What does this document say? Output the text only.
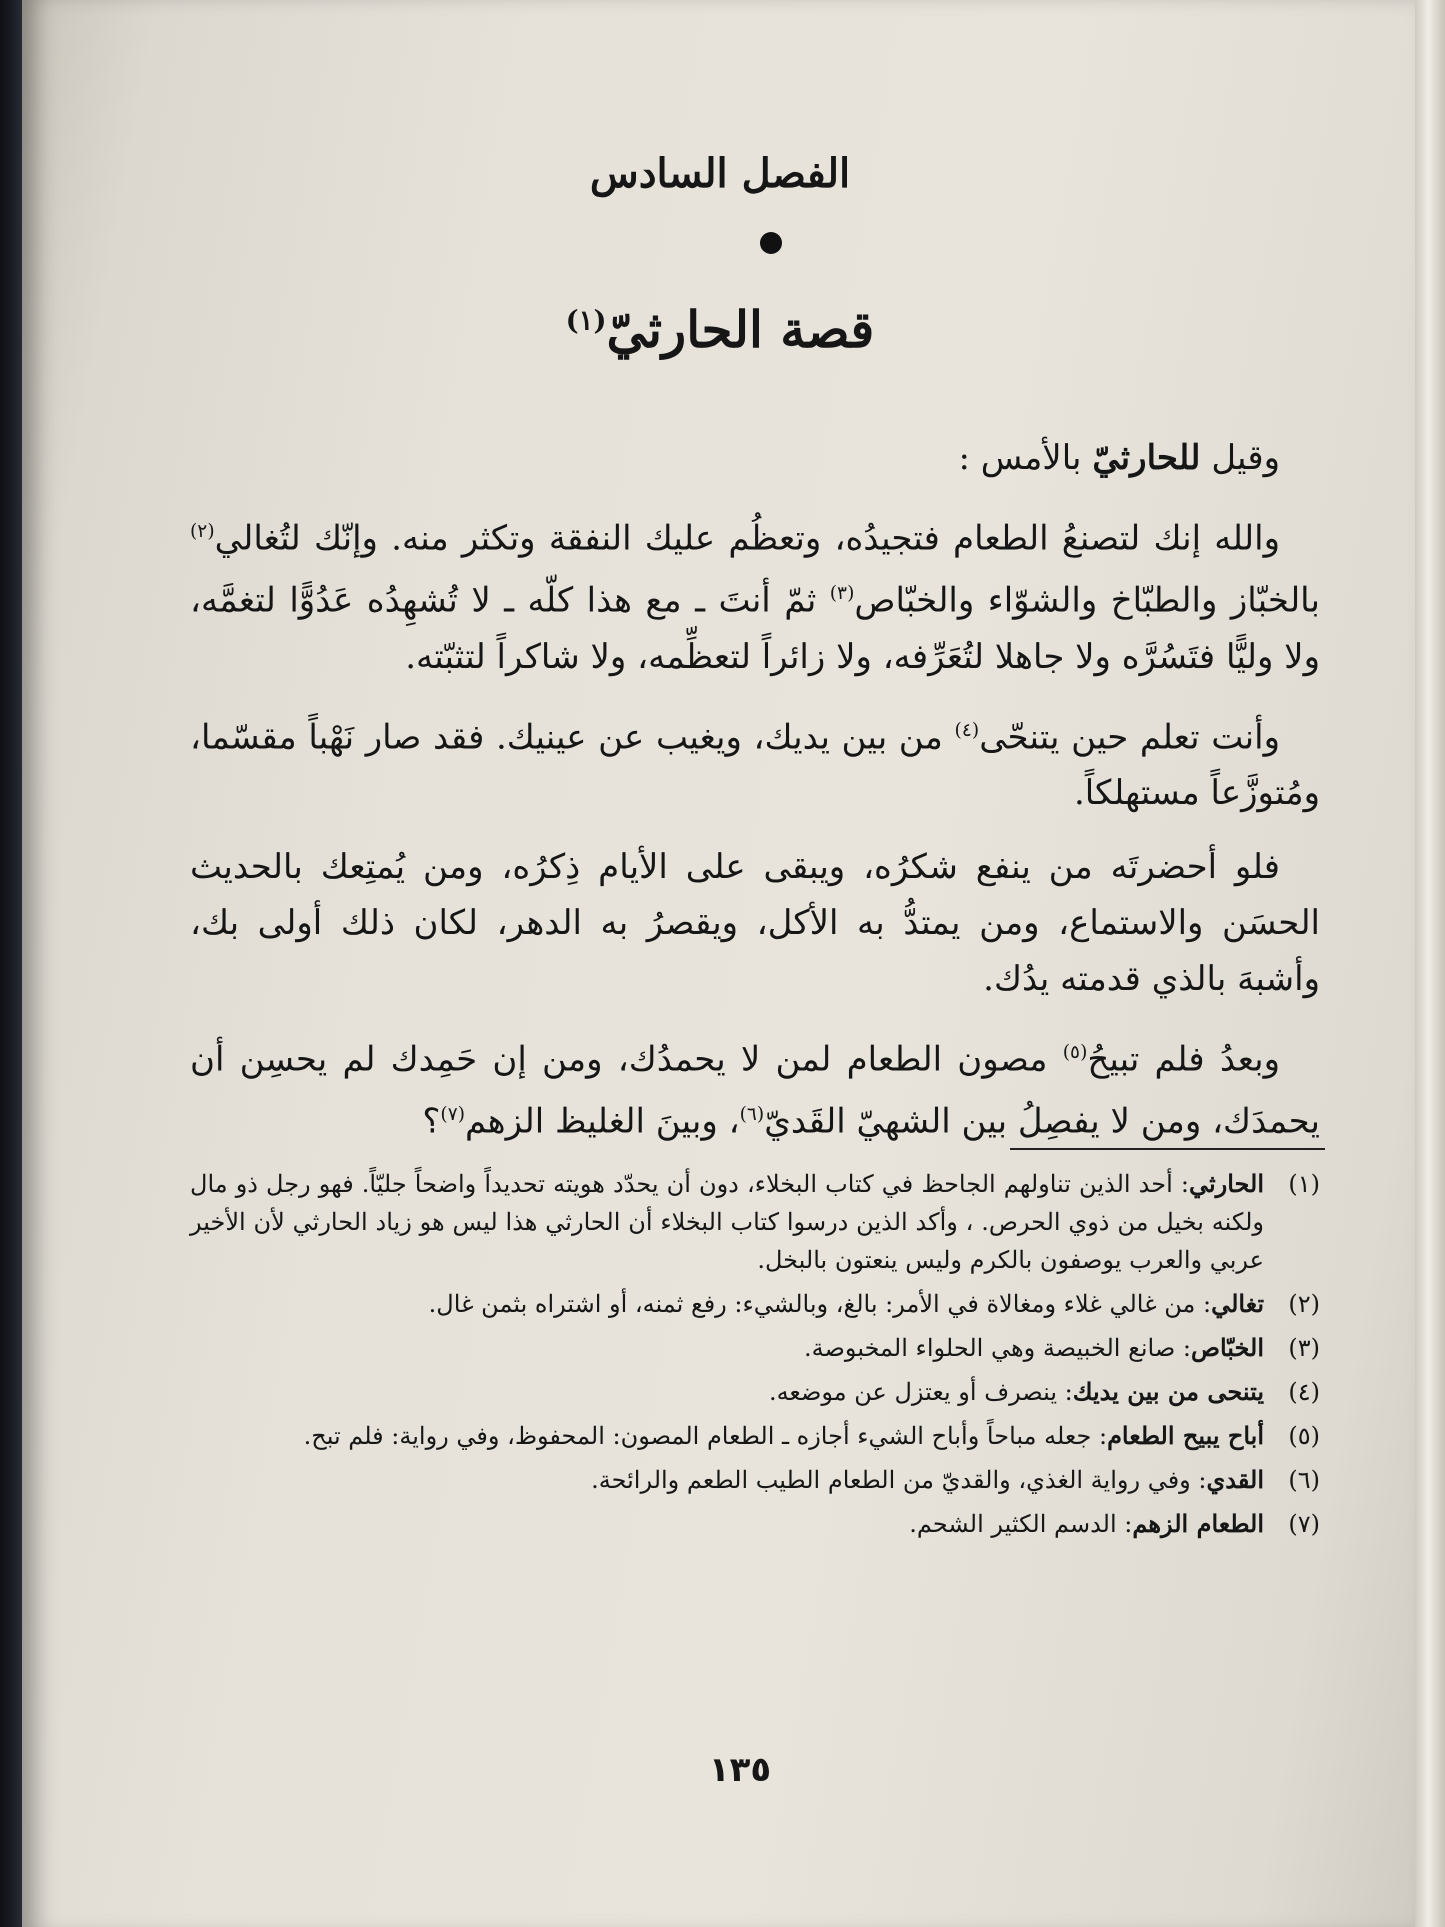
الفصل السادس
قصة الحارثيّ$^{(١)}$

وقيل للحارثيّ بالأمس :

والله إنك لتصنعُ الطعام فتجيدُه، وتعظُم عليك النفقة وتكثر منه. وإنّك لتُغالي$^{(٢)}$ بالخبّاز والطبّاخ والشوّاء والخبّاص$^{(٣)}$ ثمّ أنتَ ـ مع هذا كلّه ـ لا تُشهِدُه عَدُوًّا لتغمَّه، ولا وليًّا فتَسُرَّه ولا جاهلا لتُعَرِّفه، ولا زائراً لتعظِّمه، ولا شاكراً لتثبّته.

وأنت تعلم حين يتنحّى$^{(٤)}$ من بين يديك، ويغيب عن عينيك. فقد صار نَهْباً مقسّما، ومُتوزَّعاً مستهلكاً.

فلو أحضرتَه من ينفع شكرُه، ويبقى على الأيام ذِكرُه، ومن يُمتِعك بالحديث الحسَن والاستماع، ومن يمتدُّ به الأكل، ويقصرُ به الدهر، لكان ذلك أولى بك، وأشبهَ بالذي قدمته يدُك.

وبعدُ فلم تبيحُ$^{(٥)}$ مصون الطعام لمن لا يحمدُك، ومن إن حَمِدك لم يحسِن أن يحمدَك، ومن لا يفصِلُ بين الشهيّ القَديّ$^{(٦)}$، وبينَ الغليظ الزهم$^{(٧)}$؟

(١)
الحارثي: أحد الذين تناولهم الجاحظ في كتاب البخلاء، دون أن يحدّد هويته تحديداً واضحاً جليّاً. فهو رجل ذو مال ولكنه بخيل من ذوي الحرص. ، وأكد الذين درسوا كتاب البخلاء أن الحارثي هذا ليس هو زياد الحارثي لأن الأخير عربي والعرب يوصفون بالكرم وليس ينعتون بالبخل.
(٢)
تغالي: من غالي غلاء ومغالاة في الأمر: بالغ، وبالشيء: رفع ثمنه، أو اشتراه بثمن غال.
(٣)
الخبّاص: صانع الخبيصة وهي الحلواء المخبوصة.
(٤)
يتنحى من بين يديك: ينصرف أو يعتزل عن موضعه.
(٥)
أباح يبيح الطعام: جعله مباحاً وأباح الشيء أجازه ـ الطعام المصون: المحفوظ، وفي رواية: فلم تبح.
(٦)
القدي: وفي رواية الغذي، والقديّ من الطعام الطيب الطعم والرائحة.
(٧)
الطعام الزهم: الدسم الكثير الشحم.
١٣٥
